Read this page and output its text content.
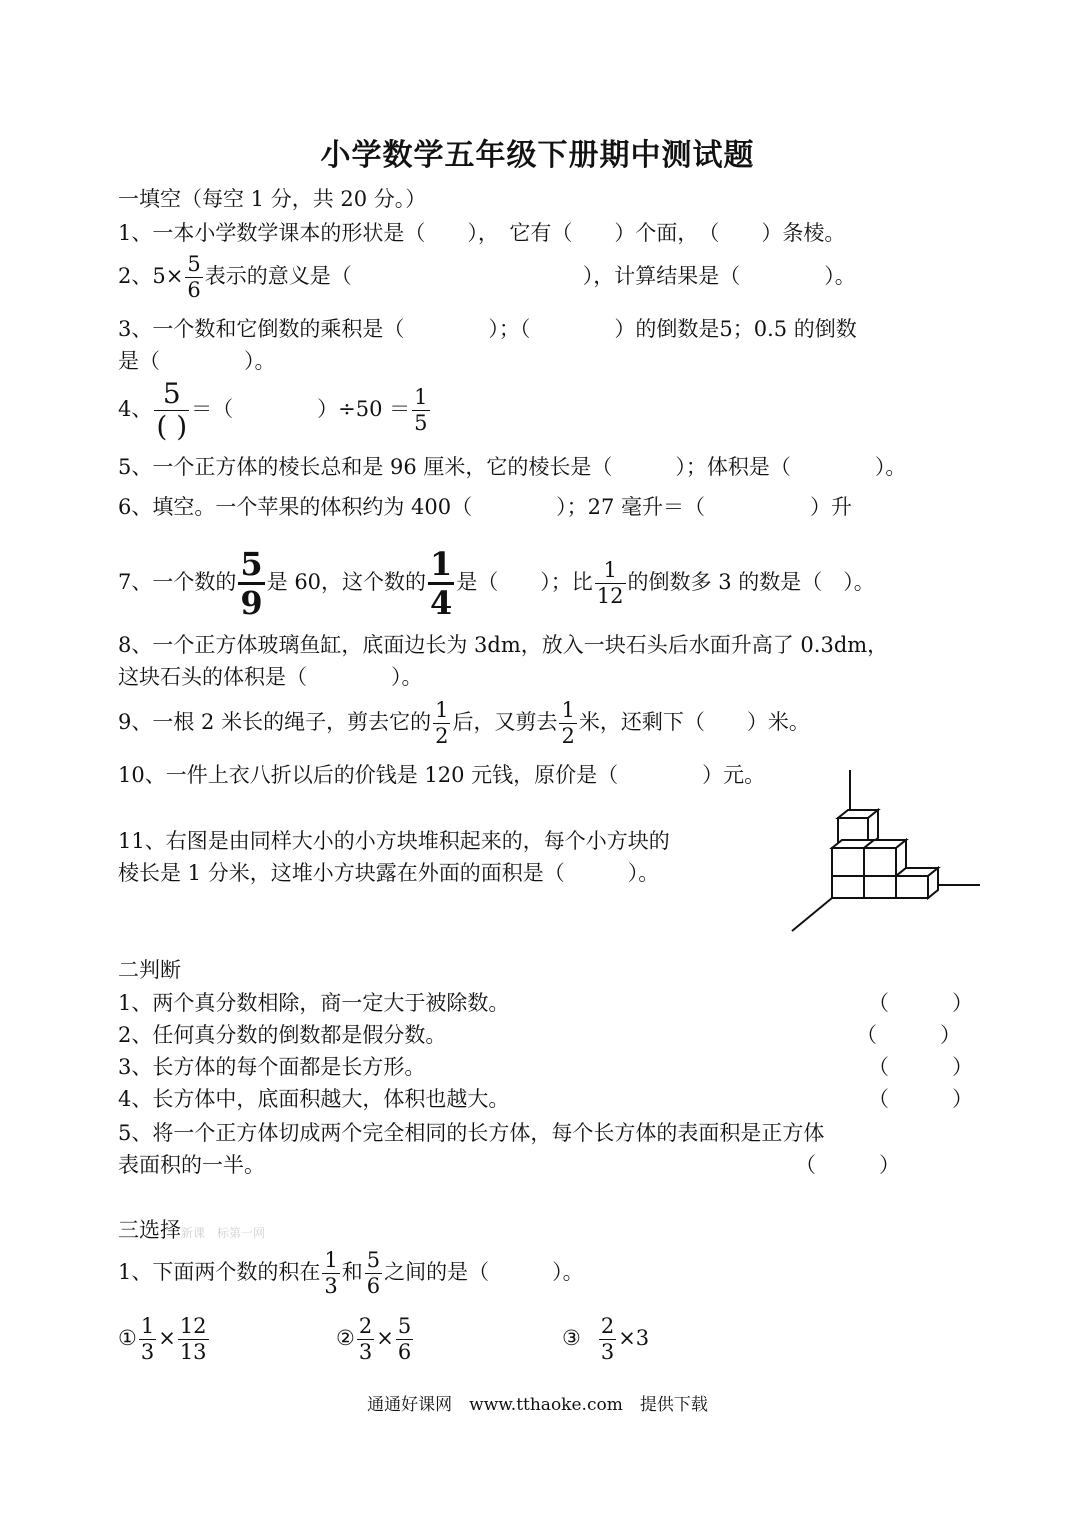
小学数学五年级下册期中测试题
一填空（每空 1 分，共 20 分。）
1、一本小学数学课本的形状是（　　），　它有（　　）个面，　（　　）条棱。
2、$5\times \frac{5}{6}$ 表示的意义是（　　　　　　　　　　　），计算结果是（　　　　）。
3、一个数和它倒数的乘积是（　　　　）；（　　　　）的倒数是5；0.5 的倒数
是（　　　　）。
4、 $\frac{5}{( )}$ ＝（　　　　）$\div 50 = \frac{1}{5}$
5、一个正方体的棱长总和是 96 厘米，它的棱长是（　　　）；体积是（　　　　）。
6、填空。一个苹果的体积约为 400（　　　　）；27 毫升＝（　　　　　）升
7、一个数的 $\frac{5}{9}$ 是 60，这个数的 $\frac{1}{4}$ 是（　　）；比 $\frac{1}{12}$ 的倒数多 3 的数是（　）。
8、一个正方体玻璃鱼缸，底面边长为 3dm，放入一块石头后水面升高了 0.3dm，
这块石头的体积是（　　　　）。
9、一根 2 米长的绳子，剪去它的 $\frac{1}{2}$ 后，又剪去 $\frac{1}{2}$ 米，还剩下（　　）米。
10、一件上衣八折以后的价钱是 120 元钱，原价是（　　　　）元。
11、右图是由同样大小的小方块堆积起来的，每个小方块的
棱长是 1 分米，这堆小方块露在外面的面积是（　　　）。
二判断
1、两个真分数相除，商一定大于被除数。	（　　　）
2、任何真分数的倒数都是假分数。	（　　　）
3、长方体的每个面都是长方形。	（　　　）
4、长方体中，底面积越大，体积也越大。	（　　　）
5、将一个正方体切成两个完全相同的长方体，每个长方体的表面积是正方体
表面积的一半。	（　　　）
三选择新课　标第一网
1、下面两个数的积在 $\frac{1}{3}$ 和 $\frac{5}{6}$ 之间的是（　　　）。
① $\frac{1}{3} \times \frac{12}{13}$	② $\frac{2}{3} \times \frac{5}{6}$	③ $\frac{2}{3} \times 3$
通通好课网　www.tthaoke.com　提供下载
